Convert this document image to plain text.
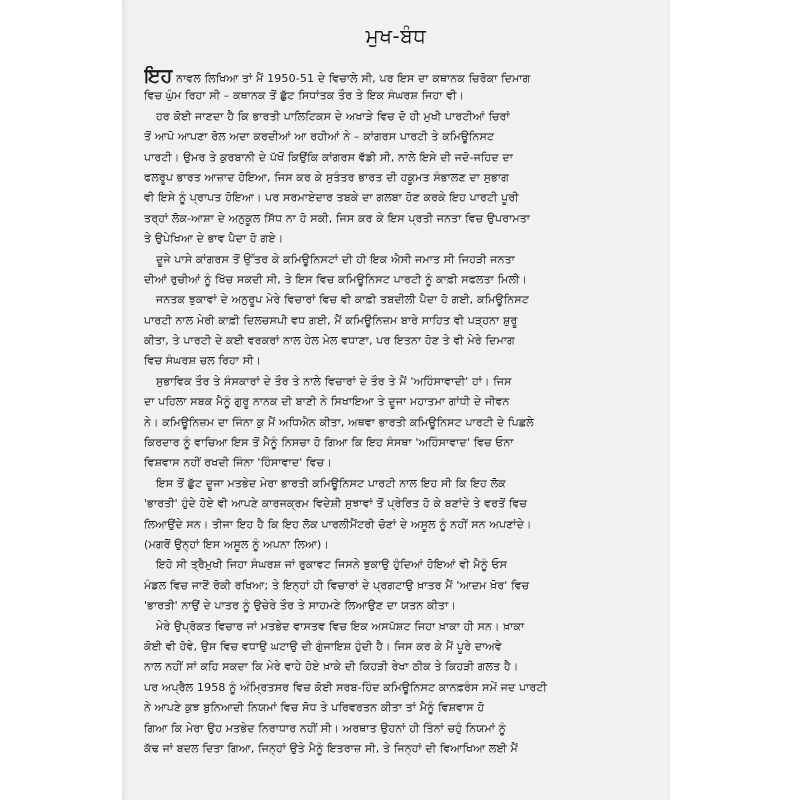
ਮੁਖ-ਬੰਧ
ਇਹ ਨਾਵਲ ਲਿਖਿਆ ਤਾਂ ਮੈਂ 1950-51 ਦੇ ਵਿਚਾਲੇ ਸੀ, ਪਰ ਇਸ ਦਾ ਕਥਾਨਕ ਚਿਰੋਕਾ ਦਿਮਾਗ
ਵਿਚ ਘੁੰਮ ਰਿਹਾ ਸੀ – ਕਥਾਨਕ ਤੋਂ ਛੁੱਟ ਸਿਧਾਂਤਕ ਤੌਰ ਤੇ ਇਕ ਸੰਘਰਸ਼ ਜਿਹਾ ਵੀ।
ਹਰ ਕੋਈ ਜਾਣਦਾ ਹੈ ਕਿ ਭਾਰਤੀ ਪਾਲਿਟਿਕਸ ਦੇ ਅਖਾੜੇ ਵਿਚ ਦੋ ਹੀ ਮੁਖੀ ਪਾਰਟੀਆਂ ਚਿਰਾਂ
ਤੋਂ ਆਪੋ ਆਪਣਾ ਰੋਲ ਅਦਾ ਕਰਦੀਆਂ ਆ ਰਹੀਆਂ ਨੇ – ਕਾਂਗਰਸ ਪਾਰਟੀ ਤੇ ਕਮਿਊਨਿਸਟ
ਪਾਰਟੀ। ਉਮਰ ਤੇ ਕੁਰਬਾਨੀ ਦੇ ਪੱਖੋਂ ਕਿਉਂਕਿ ਕਾਂਗਰਸ ਵੱਡੀ ਸੀ, ਨਾਲੇ ਇਸੇ ਦੀ ਜਦੋ-ਜਹਿਦ ਦਾ
ਫਲਰੂਪ ਭਾਰਤ ਆਜ਼ਾਦ ਹੋਇਆ, ਜਿਸ ਕਰ ਕੇ ਸੁਤੰਤਰ ਭਾਰਤ ਦੀ ਹਕੂਮਤ ਸੰਭਾਲਣ ਦਾ ਸੁਭਾਗ
ਵੀ ਇਸੇ ਨੂੰ ਪ੍ਰਾਪਤ ਹੋਇਆ। ਪਰ ਸਰਮਾਏਦਾਰ ਤਬਕੇ ਦਾ ਗਲਬਾ ਹੋਣ ਕਰਕੇ ਇਹ ਪਾਰਟੀ ਪੂਰੀ
ਤਰ੍ਹਾਂ ਲੋਕ-ਆਸ਼ਾ ਦੇ ਅਨੁਕੂਲ ਸਿੱਧ ਨਾ ਹੋ ਸਕੀ, ਜਿਸ ਕਰ ਕੇ ਇਸ ਪ੍ਰਤੀ ਜਨਤਾ ਵਿਚ ਉਪਰਾਮਤਾ
ਤੇ ਉਪੇਖਿਆ ਦੇ ਭਾਵ ਪੈਦਾ ਹੋ ਗਏ।
ਦੂਜੇ ਪਾਸੇ ਕਾਂਗਰਸ ਤੋਂ ਉੱਤਰ ਕੇ ਕਮਿਊਨਿਸਟਾਂ ਦੀ ਹੀ ਇਕ ਐਸੀ ਜਮਾਤ ਸੀ ਜਿਹੜੀ ਜਨਤਾ
ਦੀਆਂ ਰੁਚੀਆਂ ਨੂੰ ਖਿੱਚ ਸਕਦੀ ਸੀ, ਤੇ ਇਸ ਵਿਚ ਕਮਿਊਨਿਸਟ ਪਾਰਟੀ ਨੂੰ ਕਾਫ਼ੀ ਸਫਲਤਾ ਮਿਲੀ।
ਜਨਤਕ ਝੁਕਾਵਾਂ ਦੇ ਅਨੁਰੂਪ ਮੇਰੇ ਵਿਚਾਰਾਂ ਵਿਚ ਵੀ ਕਾਫ਼ੀ ਤਬਦੀਲੀ ਪੈਦਾ ਹੋ ਗਈ, ਕਮਿਊਨਿਸਟ
ਪਾਰਟੀ ਨਾਲ ਮੇਰੀ ਕਾਫ਼ੀ ਦਿਲਚਸਪੀ ਵਧ ਗਈ, ਮੈਂ ਕਮਿਊਨਿਜ਼ਮ ਬਾਰੇ ਸਾਹਿਤ ਵੀ ਪੜ੍ਹਨਾ ਸ਼ੁਰੂ
ਕੀਤਾ, ਤੇ ਪਾਰਟੀ ਦੇ ਕਈ ਵਰਕਰਾਂ ਨਾਲ ਹੇਲ ਮੇਲ ਵਧਾਣਾ, ਪਰ ਇਤਨਾ ਹੋਣ ਤੇ ਵੀ ਮੇਰੇ ਦਿਮਾਗ
ਵਿਚ ਸੰਘਰਸ਼ ਚਲ ਰਿਹਾ ਸੀ।
ਸੁਭਾਵਿਕ ਤੌਰ ਤੇ ਸੰਸਕਾਰਾਂ ਦੇ ਤੌਰ ਤੇ ਨਾਲੇ ਵਿਚਾਰਾਂ ਦੇ ਤੌਰ ਤੇ ਮੈਂ 'ਅਹਿੰਸਾਵਾਦੀ' ਹਾਂ। ਜਿਸ
ਦਾ ਪਹਿਲਾ ਸਬਕ ਮੈਨੂੰ ਗੁਰੂ ਨਾਨਕ ਦੀ ਬਾਣੀ ਨੇ ਸਿਖਾਇਆ ਤੇ ਦੂਜਾ ਮਹਾਤਮਾ ਗਾਂਧੀ ਦੇ ਜੀਵਨ
ਨੇ। ਕਮਿਊਨਿਜ਼ਮ ਦਾ ਜਿੰਨਾ ਕੁ ਮੈਂ ਅਧਿਐਨ ਕੀਤਾ, ਅਥਵਾ ਭਾਰਤੀ ਕਮਿਊਨਿਸਟ ਪਾਰਟੀ ਦੇ ਪਿਛਲੇ
ਕਿਰਦਾਰ ਨੂੰ ਵਾਚਿਆ ਇਸ ਤੋਂ ਮੈਨੂੰ ਨਿਸਚਾ ਹੋ ਗਿਆ ਕਿ ਇਹ ਸੰਸਥਾ 'ਅਹਿੰਸਾਵਾਦ' ਵਿਚ ਓਨਾ
ਵਿਸ਼ਵਾਸ ਨਹੀਂ ਰਖਦੀ ਜਿੰਨਾ 'ਹਿੰਸਾਵਾਦ' ਵਿਚ।
ਇਸ ਤੋਂ ਛੁੱਟ ਦੂਜਾ ਮਤਭੇਦ ਮੇਰਾ ਭਾਰਤੀ ਕਮਿਊਨਿਸਟ ਪਾਰਟੀ ਨਾਲ ਇਹ ਸੀ ਕਿ ਇਹ ਲੋਕ
'ਭਾਰਤੀ' ਹੁੰਦੇ ਹੋਏ ਵੀ ਆਪਣੇ ਕਾਰਜਕ੍ਰਮ ਵਿਦੇਸ਼ੀ ਸੁਝਾਵਾਂ ਤੋਂ ਪ੍ਰੇਰਿਤ ਹੋ ਕੇ ਬਣਾਂਦੇ ਤੇ ਵਰਤੋਂ ਵਿਚ
ਲਿਆਉਂਦੇ ਸਨ। ਤੀਜਾ ਇਹ ਹੈ ਕਿ ਇਹ ਲੋਕ ਪਾਰਲੀਮੈਂਟਰੀ ਚੋਣਾਂ ਦੇ ਅਸੂਲ ਨੂੰ ਨਹੀਂ ਸਨ ਅਪਣਾਂਦੇ।
(ਮਗਰੋਂ ਉਨ੍ਹਾਂ ਇਸ ਅਸੂਲ ਨੂੰ ਅਪਨਾ ਲਿਆ)।
ਇਹੋ ਸੀ ਤ੍ਰੈਮੁਖੀ ਜਿਹਾ ਸੰਘਰਸ਼ ਜਾਂ ਰੁਕਾਵਟ ਜਿਸਨੇ ਝੁਕਾਉ ਹੁੰਦਿਆਂ ਹੋਇਆਂ ਵੀ ਮੈਨੂੰ ਓਸ
ਮੰਡਲ ਵਿਚ ਜਾਣੋਂ ਰੋਕੀ ਰਖਿਆ; ਤੇ ਇਨ੍ਹਾਂ ਹੀ ਵਿਚਾਰਾਂ ਦੇ ਪ੍ਰਗਟਾਉ ਖ਼ਾਤਰ ਮੈਂ 'ਆਦਮ ਖ਼ੋਰ' ਵਿਚ
'ਭਾਰਤੀ' ਨਾਉਂ ਦੇ ਪਾਤਰ ਨੂੰ ਉਚੇਰੇ ਤੌਰ ਤੇ ਸਾਹਮਣੇ ਲਿਆਉਣ ਦਾ ਯਤਨ ਕੀਤਾ।
ਮੇਰੇ ਉਪ੍ਰੋਕਤ ਵਿਚਾਰ ਜਾਂ ਮਤਭੇਦ ਵਾਸਤਵ ਵਿਚ ਇਕ ਅਸਪੱਸ਼ਟ ਜਿਹਾ ਖ਼ਾਕਾ ਹੀ ਸਨ। ਖ਼ਾਕਾ
ਕੋਈ ਵੀ ਹੋਵੇ, ਉਸ ਵਿਚ ਵਧਾਉ ਘਟਾਉ ਦੀ ਗੁੰਜਾਇਸ਼ ਹੁੰਦੀ ਹੈ। ਜਿਸ ਕਰ ਕੇ ਮੈਂ ਪੂਰੇ ਦਾਅਵੇ
ਨਾਲ ਨਹੀਂ ਸਾਂ ਕਹਿ ਸਕਦਾ ਕਿ ਮੇਰੇ ਵਾਹੇ ਹੋਏ ਖ਼ਾਕੇ ਦੀ ਕਿਹੜੀ ਰੇਖਾ ਠੀਕ ਤੇ ਕਿਹੜੀ ਗਲਤ ਹੈ।
ਪਰ ਅਪ੍ਰੈਲ 1958 ਨੂੰ ਅੰਮ੍ਰਿਤਸਰ ਵਿਚ ਕੋਈ ਸਰਬ-ਹਿੰਦ ਕਮਿਊਨਿਸਟ ਕਾਨਫ਼ਰੰਸ ਸਮੇਂ ਜਦ ਪਾਰਟੀ
ਨੇ ਆਪਣੇ ਕੁਝ ਬੁਨਿਆਦੀ ਨਿਯਮਾਂ ਵਿਚ ਸੋਧ ਤੇ ਪਰਿਵਰਤਨ ਕੀਤਾ ਤਾਂ ਮੈਨੂੰ ਵਿਸ਼ਵਾਸ ਹੋ
ਗਿਆ ਕਿ ਮੇਰਾ ਉਹ ਮਤਭੇਦ ਨਿਰਾਧਾਰ ਨਹੀਂ ਸੀ। ਅਰਥਾਤ ਉਹਨਾਂ ਹੀ ਤਿੰਨਾਂ ਚਹੁੰ ਨਿਯਮਾਂ ਨੂੰ
ਕੱਢ ਜਾਂ ਬਦਲ ਦਿਤਾ ਗਿਆ, ਜਿਨ੍ਹਾਂ ਉਤੇ ਮੈਨੂੰ ਇਤਰਾਜ਼ ਸੀ, ਤੇ ਜਿਨ੍ਹਾਂ ਦੀ ਵਿਆਖਿਆ ਲਈ ਮੈਂ
